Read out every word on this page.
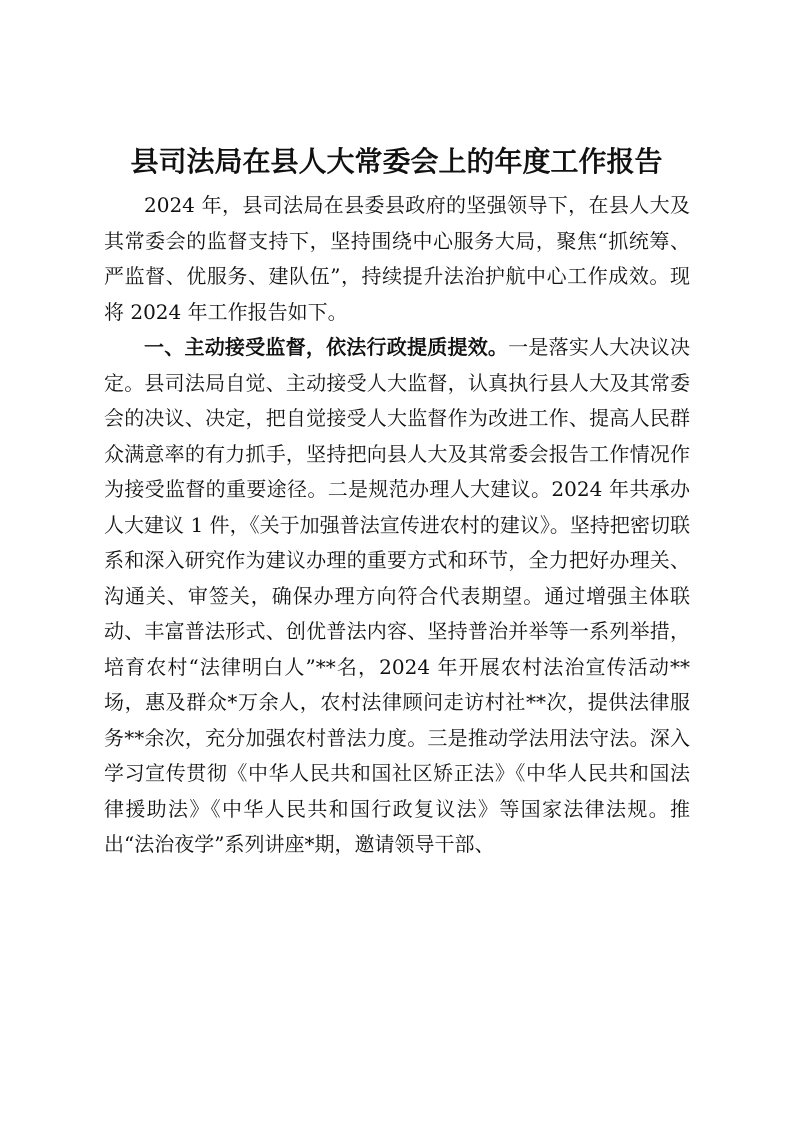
县司法局在县人大常委会上的年度工作报告

2024 年，县司法局在县委县政府的坚强领导下，在县人大及其常委会的监督支持下，坚持围绕中心服务大局，聚焦“抓统筹、严监督、优服务、建队伍”，持续提升法治护航中心工作成效。现将 2024 年工作报告如下。

一、主动接受监督，依法行政提质提效。一是落实人大决议决定。县司法局自觉、主动接受人大监督，认真执行县人大及其常委会的决议、决定，把自觉接受人大监督作为改进工作、提高人民群众满意率的有力抓手，坚持把向县人大及其常委会报告工作情况作为接受监督的重要途径。二是规范办理人大建议。2024 年共承办人大建议 1 件，《关于加强普法宣传进农村的建议》。坚持把密切联系和深入研究作为建议办理的重要方式和环节，全力把好办理关、沟通关、审签关，确保办理方向符合代表期望。通过增强主体联动、丰富普法形式、创优普法内容、坚持普治并举等一系列举措，培育农村“法律明白人”**名，2024 年开展农村法治宣传活动**场，惠及群众*万余人，农村法律顾问走访村社**次，提供法律服务**余次，充分加强农村普法力度。三是推动学法用法守法。深入学习宣传贯彻《中华人民共和国社区矫正法》《中华人民共和国法律援助法》《中华人民共和国行政复议法》等国家法律法规。推出“法治夜学”系列讲座*期，邀请领导干部、
